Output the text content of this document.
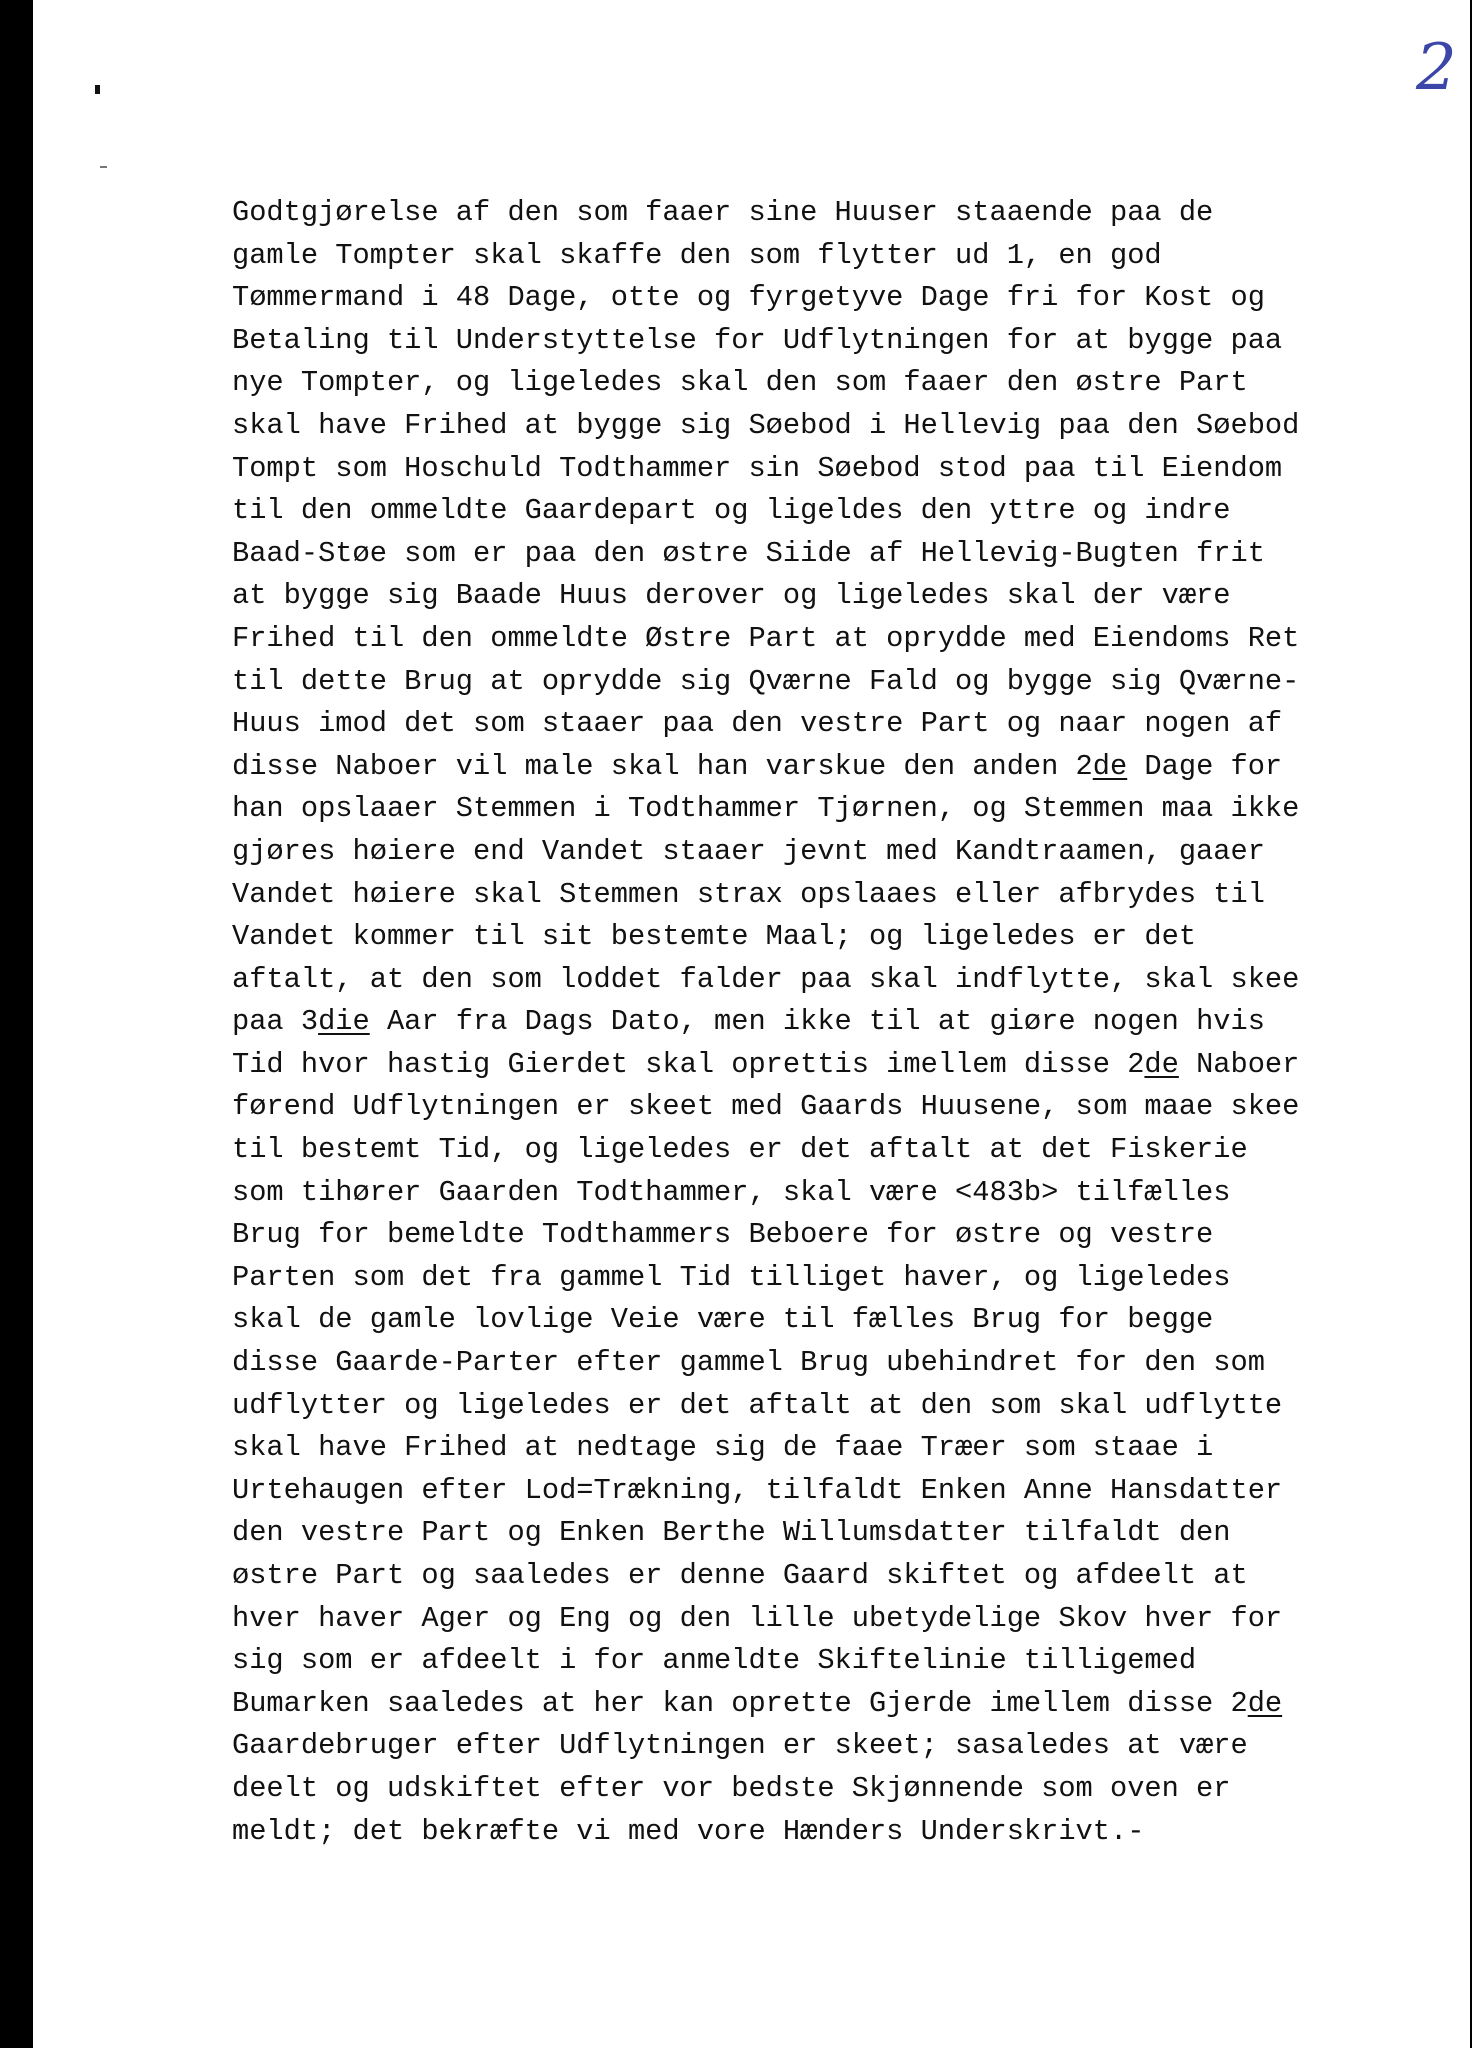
2
Godtgjørelse af den som faaer sine Huuser staaende paa de
gamle Tompter skal skaffe den som flytter ud 1, en god
Tømmermand i 48 Dage, otte og fyrgetyve Dage fri for Kost og
Betaling til Understyttelse for Udflytningen for at bygge paa
nye Tompter, og ligeledes skal den som faaer den østre Part
skal have Frihed at bygge sig Søebod i Hellevig paa den Søebod
Tompt som Hoschuld Todthammer sin Søebod stod paa til Eiendom
til den ommeldte Gaardepart og ligeldes den yttre og indre
Baad-Støe som er paa den østre Siide af Hellevig-Bugten frit
at bygge sig Baade Huus derover og ligeledes skal der være
Frihed til den ommeldte Østre Part at oprydde med Eiendoms Ret
til dette Brug at oprydde sig Qværne Fald og bygge sig Qværne-
Huus imod det som staaer paa den vestre Part og naar nogen af
disse Naboer vil male skal han varskue den anden 2de Dage for
han opslaaer Stemmen i Todthammer Tjørnen, og Stemmen maa ikke
gjøres høiere end Vandet staaer jevnt med Kandtraamen, gaaer
Vandet høiere skal Stemmen strax opslaaes eller afbrydes til
Vandet kommer til sit bestemte Maal; og ligeledes er det
aftalt, at den som loddet falder paa skal indflytte, skal skee
paa 3die Aar fra Dags Dato, men ikke til at giøre nogen hvis
Tid hvor hastig Gierdet skal oprettis imellem disse 2de Naboer
førend Udflytningen er skeet med Gaards Huusene, som maae skee
til bestemt Tid, og ligeledes er det aftalt at det Fiskerie
som tihører Gaarden Todthammer, skal være <483b> tilfælles
Brug for bemeldte Todthammers Beboere for østre og vestre
Parten som det fra gammel Tid tilliget haver, og ligeledes
skal de gamle lovlige Veie være til fælles Brug for begge
disse Gaarde-Parter efter gammel Brug ubehindret for den som
udflytter og ligeledes er det aftalt at den som skal udflytte
skal have Frihed at nedtage sig de faae Træer som staae i
Urtehaugen efter Lod=Trækning, tilfaldt Enken Anne Hansdatter
den vestre Part og Enken Berthe Willumsdatter tilfaldt den
østre Part og saaledes er denne Gaard skiftet og afdeelt at
hver haver Ager og Eng og den lille ubetydelige Skov hver for
sig som er afdeelt i for anmeldte Skiftelinie tilligemed
Bumarken saaledes at her kan oprette Gjerde imellem disse 2de
Gaardebruger efter Udflytningen er skeet; sasaledes at være
deelt og udskiftet efter vor bedste Skjønnende som oven er
meldt; det bekræfte vi med vore Hænders Underskrivt.-
